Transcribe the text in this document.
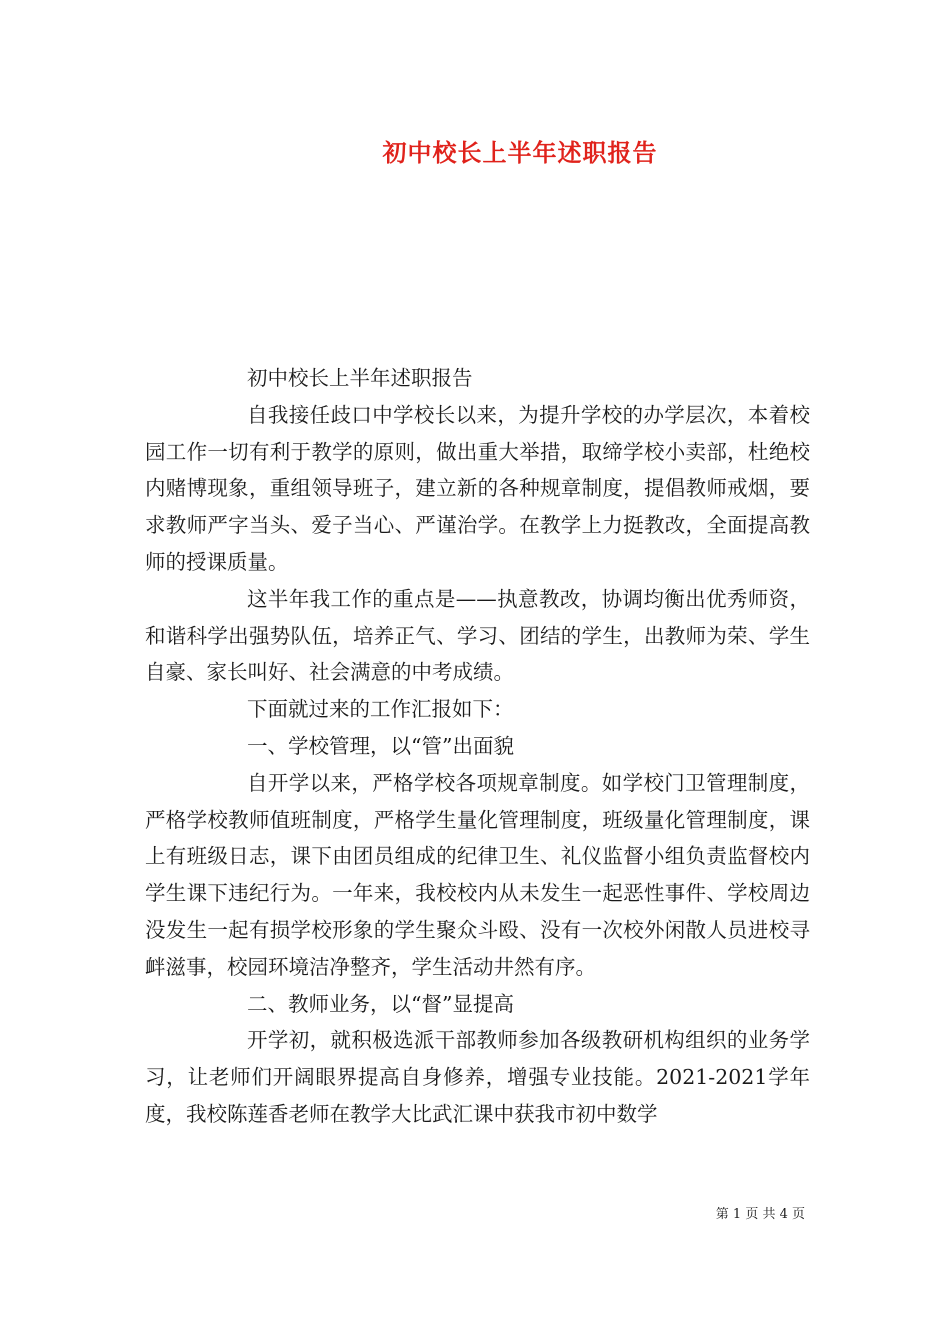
初中校长上半年述职报告

初中校长上半年述职报告

自我接任歧口中学校长以来，为提升学校的办学层次，本着校园工作一切有利于教学的原则，做出重大举措，取缔学校小卖部，杜绝校内赌博现象，重组领导班子，建立新的各种规章制度，提倡教师戒烟，要求教师严字当头、爱子当心、严谨治学。在教学上力挺教改，全面提高教师的授课质量。

这半年我工作的重点是——执意教改，协调均衡出优秀师资，和谐科学出强势队伍，培养正气、学习、团结的学生，出教师为荣、学生自豪、家长叫好、社会满意的中考成绩。

下面就过来的工作汇报如下：

一、学校管理，以“管”出面貌

自开学以来，严格学校各项规章制度。如学校门卫管理制度，严格学校教师值班制度，严格学生量化管理制度，班级量化管理制度，课上有班级日志，课下由团员组成的纪律卫生、礼仪监督小组负责监督校内学生课下违纪行为。一年来，我校校内从未发生一起恶性事件、学校周边没发生一起有损学校形象的学生聚众斗殴、没有一次校外闲散人员进校寻衅滋事，校园环境洁净整齐，学生活动井然有序。

二、教师业务，以“督”显提高

开学初，就积极选派干部教师参加各级教研机构组织的业务学习，让老师们开阔眼界提高自身修养，增强专业技能。2021-2021学年度，我校陈莲香老师在教学大比武汇课中获我市初中数学

第 1 页 共 4 页
